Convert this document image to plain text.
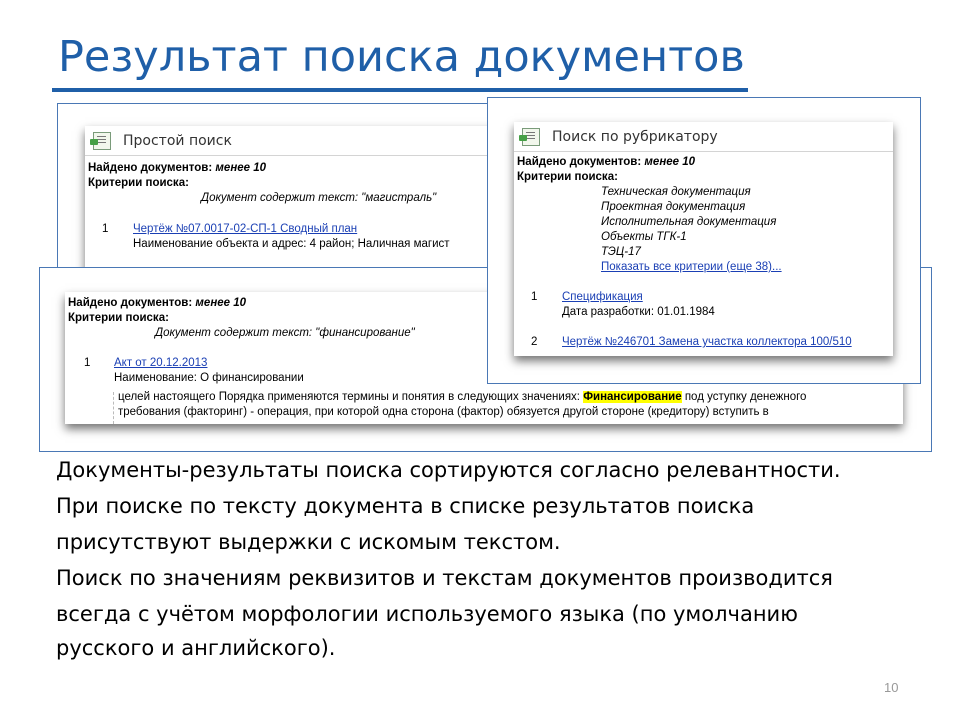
Результат поиска документов
Простой поиск
Найдено документов: менее 10
Критерии поиска:
Документ содержит текст: "магистраль"
1 Чертёж №07.0017-02-СП-1 Сводный план
Наименование объекта и адрес: 4 район; Наличная магист
Найдено документов: менее 10
Критерии поиска:
Документ содержит текст: "финансирование"
1 Акт от 20.12.2013
Наименование: О финансировании
целей настоящего Порядка применяются термины и понятия в следующих значениях: Финансирование под уступку денежного
требования (факторинг) - операция, при которой одна сторона (фактор) обязуется другой стороне (кредитору) вступить в
Поиск по рубрикатору
Найдено документов: менее 10
Критерии поиска:
Техническая документация
Проектная документация
Исполнительная документация
Объекты ТГК-1
ТЭЦ-17
Показать все критерии (еще 38)...
1 Спецификация
Дата разработки: 01.01.1984
2 Чертёж №246701 Замена участка коллектора 100/510
Документы-результаты поиска сортируются согласно релевантности.
При поиске по тексту документа в списке результатов поиска
присутствуют выдержки с искомым текстом.
Поиск по значениям реквизитов и текстам документов производится
всегда с учётом морфологии используемого языка (по умолчанию
русского и английского).
10
